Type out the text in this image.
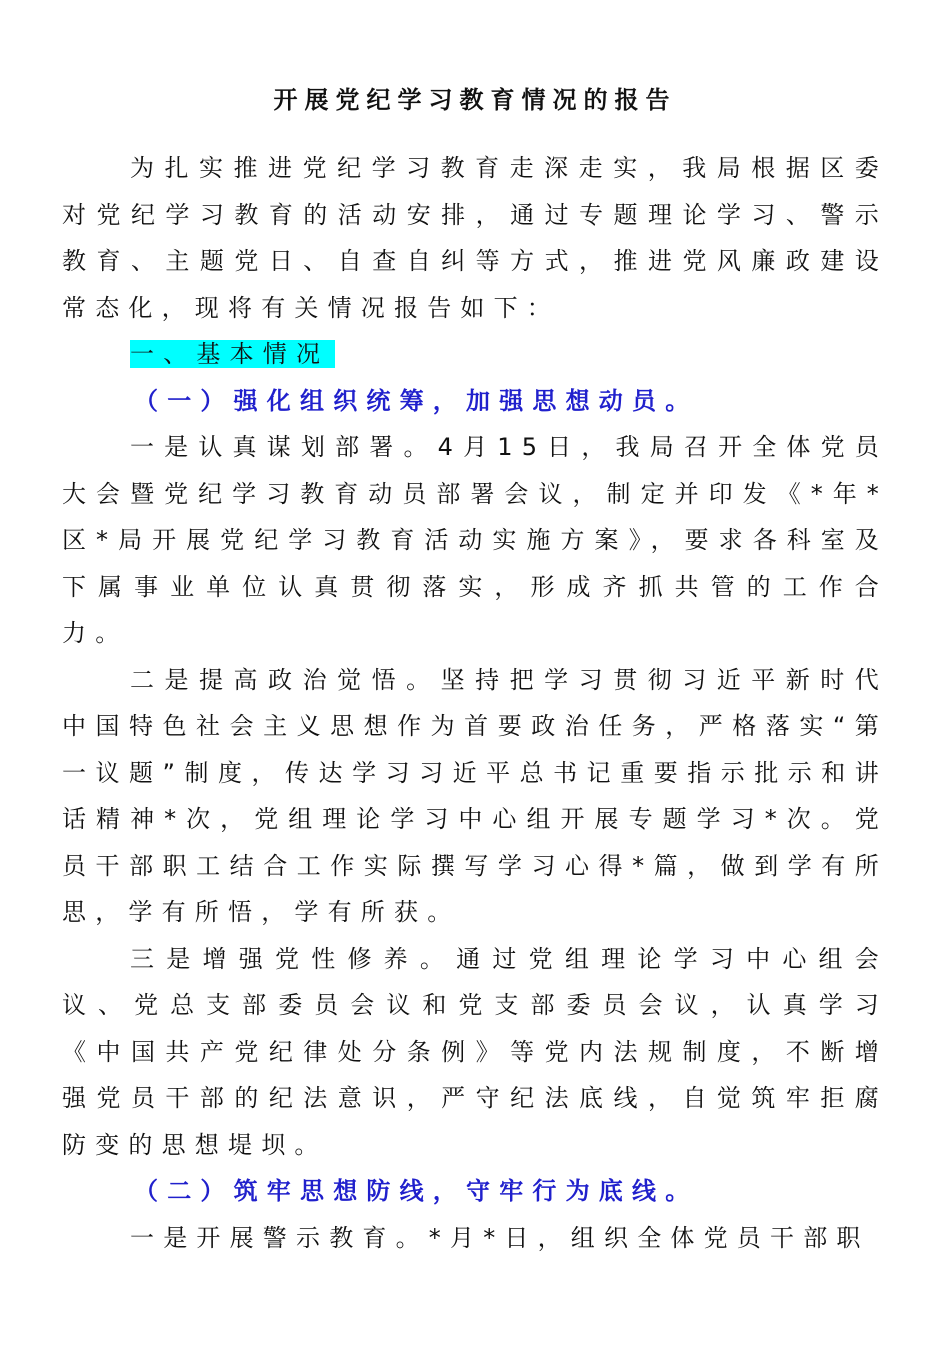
开展党纪学习教育情况的报告

为扎实推进党纪学习教育走深走实，我局根据区委对党纪学习教育的活动安排，通过专题理论学习、警示教育、主题党日、自查自纠等方式，推进党风廉政建设常态化，现将有关情况报告如下：

一、基本情况

（一）强化组织统筹，加强思想动员。

一是认真谋划部署。4月15日，我局召开全体党员大会暨党纪学习教育动员部署会议，制定并印发《*年*区*局开展党纪学习教育活动实施方案》，要求各科室及下属事业单位认真贯彻落实，形成齐抓共管的工作合力。

二是提高政治觉悟。坚持把学习贯彻习近平新时代中国特色社会主义思想作为首要政治任务，严格落实“第一议题”制度，传达学习习近平总书记重要指示批示和讲话精神*次，党组理论学习中心组开展专题学习*次。党员干部职工结合工作实际撰写学习心得*篇，做到学有所思，学有所悟，学有所获。

三是增强党性修养。通过党组理论学习中心组会议、党总支部委员会议和党支部委员会议，认真学习《中国共产党纪律处分条例》等党内法规制度，不断增强党员干部的纪法意识，严守纪法底线，自觉筑牢拒腐防变的思想堤坝。

（二）筑牢思想防线，守牢行为底线。

一是开展警示教育。*月*日，组织全体党员干部职
